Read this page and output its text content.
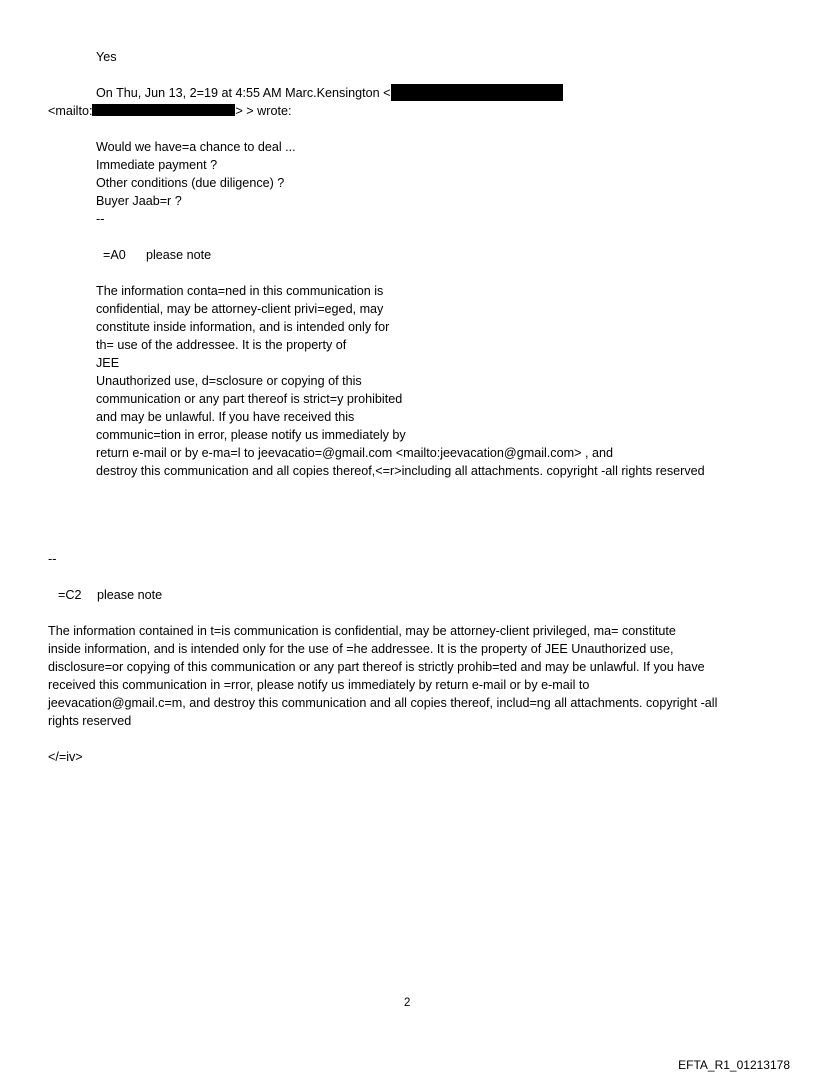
Yes
On Thu, Jun 13, 2=19 at 4:55 AM Marc.Kensington <
<mailto:	> > wrote:
Would we have=a chance to deal ...
Immediate payment ?
Other conditions (due diligence) ?
Buyer Jaab=r ?
--
=A0 please note
The information conta=ned in this communication is
confidential, may be attorney-client privi=eged, may
constitute inside information, and is intended only for
th= use of the addressee. It is the property of
JEE
Unauthorized use, d=sclosure or copying of this
communication or any part thereof is strict=y prohibited
and may be unlawful. If you have received this
communic=tion in error, please notify us immediately by
return e-mail or by e-ma=l to jeevacatio=@gmail.com <mailto:jeevacation@gmail.com> , and
destroy this communication and all copies thereof,<=r>including all attachments. copyright -all rights reserved
--
=C2 please note
The information contained in t=is communication is confidential, may be attorney-client privileged, ma= constitute
inside information, and is intended only for the use of =he addressee. It is the property of JEE Unauthorized use,
disclosure=or copying of this communication or any part thereof is strictly prohib=ted and may be unlawful. If you have
received this communication in =rror, please notify us immediately by return e-mail or by e-mail to
jeevacation@gmail.c=m, and destroy this communication and all copies thereof, includ=ng all attachments. copyright -all
rights reserved
</=iv>
2
EFTA_R1_01213178
